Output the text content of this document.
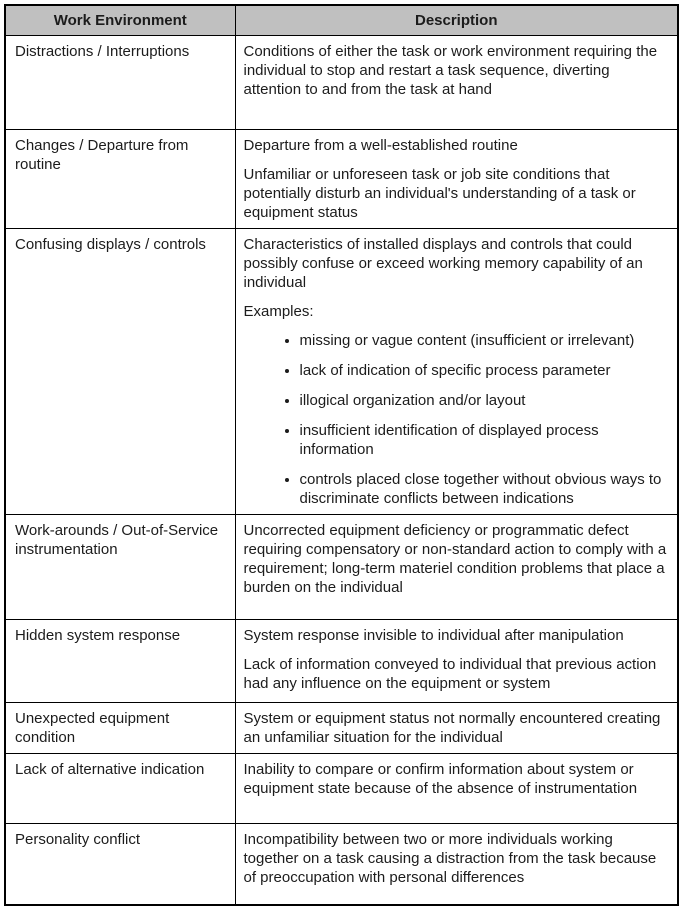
Work Environment	Description
Distractions / Interruptions	Conditions of either the task or work environment requiring the individual to stop and restart a task sequence, diverting attention to and from the task at hand

Changes / Departure from routine	Departure from a well-established routine

Unfamiliar or unforeseen task or job site conditions that potentially disturb an individual's understanding of a task or equipment status

Confusing displays / controls	Characteristics of installed displays and controls that could possibly confuse or exceed working memory capability of an individual

Examples:

• missing or vague content (insufficient or irrelevant)
• lack of indication of specific process parameter
• illogical organization and/or layout
• insufficient identification of displayed process information
• controls placed close together without obvious ways to discriminate conflicts between indications

Work-arounds / Out-of-Service instrumentation	Uncorrected equipment deficiency or programmatic defect requiring compensatory or non-standard action to comply with a requirement; long-term materiel condition problems that place a burden on the individual

Hidden system response	System response invisible to individual after manipulation

Lack of information conveyed to individual that previous action had any influence on the equipment or system

Unexpected equipment condition	System or equipment status not normally encountered creating an unfamiliar situation for the individual

Lack of alternative indication	Inability to compare or confirm information about system or equipment state because of the absence of instrumentation

Personality conflict	Incompatibility between two or more individuals working together on a task causing a distraction from the task because of preoccupation with personal differences
